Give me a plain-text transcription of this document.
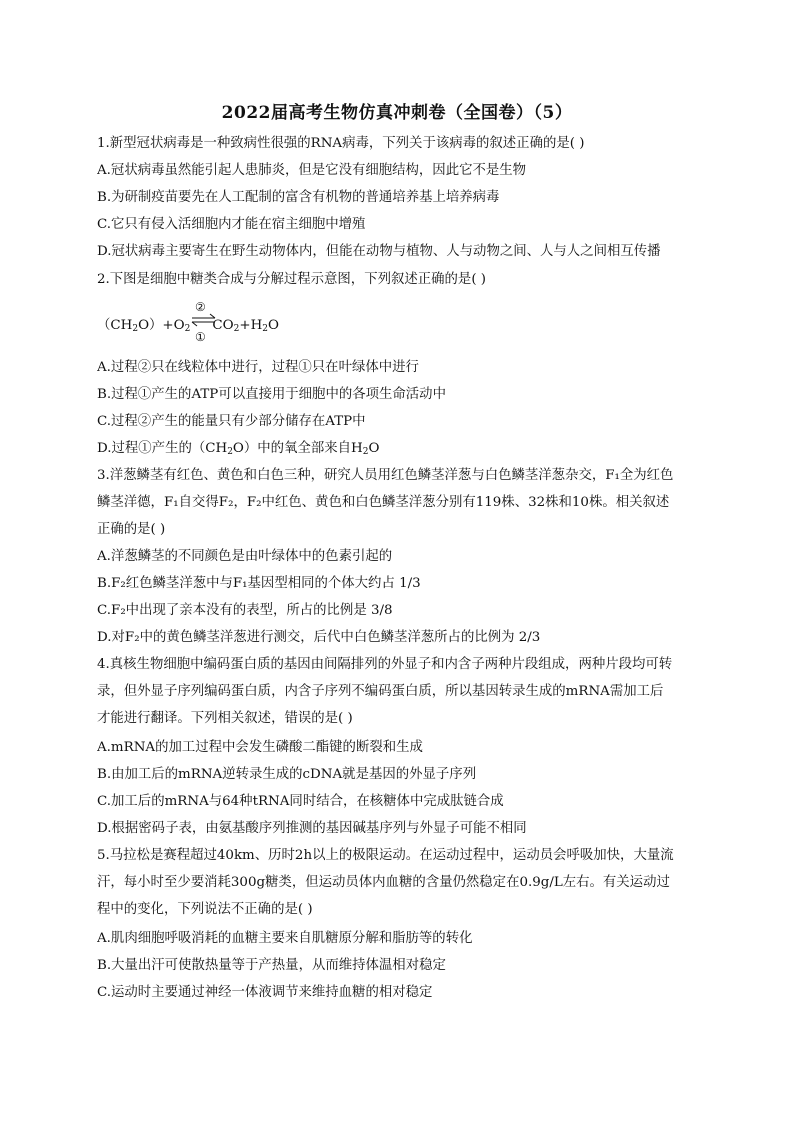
2022届高考生物仿真冲刺卷（全国卷）（5）
1.新型冠状病毒是一种致病性很强的RNA病毒，下列关于该病毒的叙述正确的是( )
A.冠状病毒虽然能引起人患肺炎，但是它没有细胞结构，因此它不是生物
B.为研制疫苗要先在人工配制的富含有机物的普通培养基上培养病毒
C.它只有侵入活细胞内才能在宿主细胞中增殖
D.冠状病毒主要寄生在野生动物体内，但能在动物与植物、人与动物之间、人与人之间相互传播
2.下图是细胞中糖类合成与分解过程示意图，下列叙述正确的是( )
$(CH_2O)+O_2$ $CO_2+H_2O$
②
①
A.过程②只在线粒体中进行，过程①只在叶绿体中进行
B.过程①产生的ATP可以直接用于细胞中的各项生命活动中
C.过程②产生的能量只有少部分储存在ATP中
D.过程①产生的$(CH_2O)$中的氧全部来自$H_2O$
3.洋葱鳞茎有红色、黄色和白色三种，研究人员用红色鳞茎洋葱与白色鳞茎洋葱杂交，F₁全为红色
鳞茎洋德，F₁自交得F₂，F₂中红色、黄色和白色鳞茎洋葱分别有119株、32株和10株。相关叙述
正确的是( )
A.洋葱鳞茎的不同颜色是由叶绿体中的色素引起的
B.F₂红色鳞茎洋葱中与F₁基因型相同的个体大约占 1/3
C.F₂中出现了亲本没有的表型，所占的比例是 3/8
D.对F₂中的黄色鳞茎洋葱进行测交，后代中白色鳞茎洋葱所占的比例为 2/3
4.真核生物细胞中编码蛋白质的基因由间隔排列的外显子和内含子两种片段组成，两种片段均可转
录，但外显子序列编码蛋白质，内含子序列不编码蛋白质，所以基因转录生成的mRNA需加工后
才能进行翻译。下列相关叙述，错误的是( )
A.mRNA的加工过程中会发生磷酸二酯键的断裂和生成
B.由加工后的mRNA逆转录生成的cDNA就是基因的外显子序列
C.加工后的mRNA与64种tRNA同时结合，在核糖体中完成肽链合成
D.根据密码子表，由氨基酸序列推测的基因碱基序列与外显子可能不相同
5.马拉松是赛程超过40km、历时2h以上的极限运动。在运动过程中，运动员会呼吸加快，大量流
汗，每小时至少要消耗300g糖类，但运动员体内血糖的含量仍然稳定在0.9g/L左右。有关运动过
程中的变化，下列说法不正确的是( )
A.肌肉细胞呼吸消耗的血糖主要来自肌糖原分解和脂肪等的转化
B.大量出汗可使散热量等于产热量，从而维持体温相对稳定
C.运动时主要通过神经一体液调节来维持血糖的相对稳定
